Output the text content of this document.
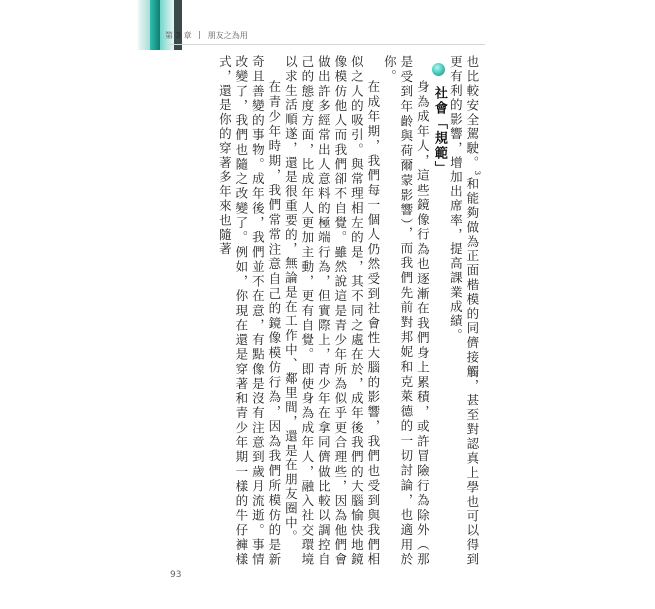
第 3 章 朋友之為用

也比較安全駕駛。$^3$和能夠做為正面楷模的同儕接觸，甚至對認真上學也可以得到更有利的影響，增加出席率，提高課業成績。

社會「規範」

身為成年人，這些鏡像行為也逐漸在我們身上累積，或許冒險行為除外（那是受到年齡與荷爾蒙影響），而我們先前對邦妮和克萊德的一切討論，也適用於你。

在成年期，我們每一個人仍然受到社會性大腦的影響，我們也受到與我們相似之人的吸引。與常理相左的是，其不同之處在於，成年後我們的大腦愉快地鏡像模仿他人而我們卻不自覺。雖然說這是青少年所為似乎更合理些，因為他們會做出許多經常出人意料的極端行為，但實際上，青少年在拿同儕做比較以調控自己的態度方面，比成年人更加主動，更有自覺。即使身為成年人，融入社交環境以求生活順遂，還是很重要的，無論是在工作中、鄰里間，還是在朋友圈中。

在青少年時期，我們常常注意自己的鏡像模仿行為，因為我們所模仿的是新奇且善變的事物。成年後，我們並不在意，有點像是沒有注意到歲月流逝。事情改變了，我們也隨之改變了。例如，你現在還是穿著和青少年期一樣的牛仔褲樣式，還是你的穿著多年來也隨著

93
